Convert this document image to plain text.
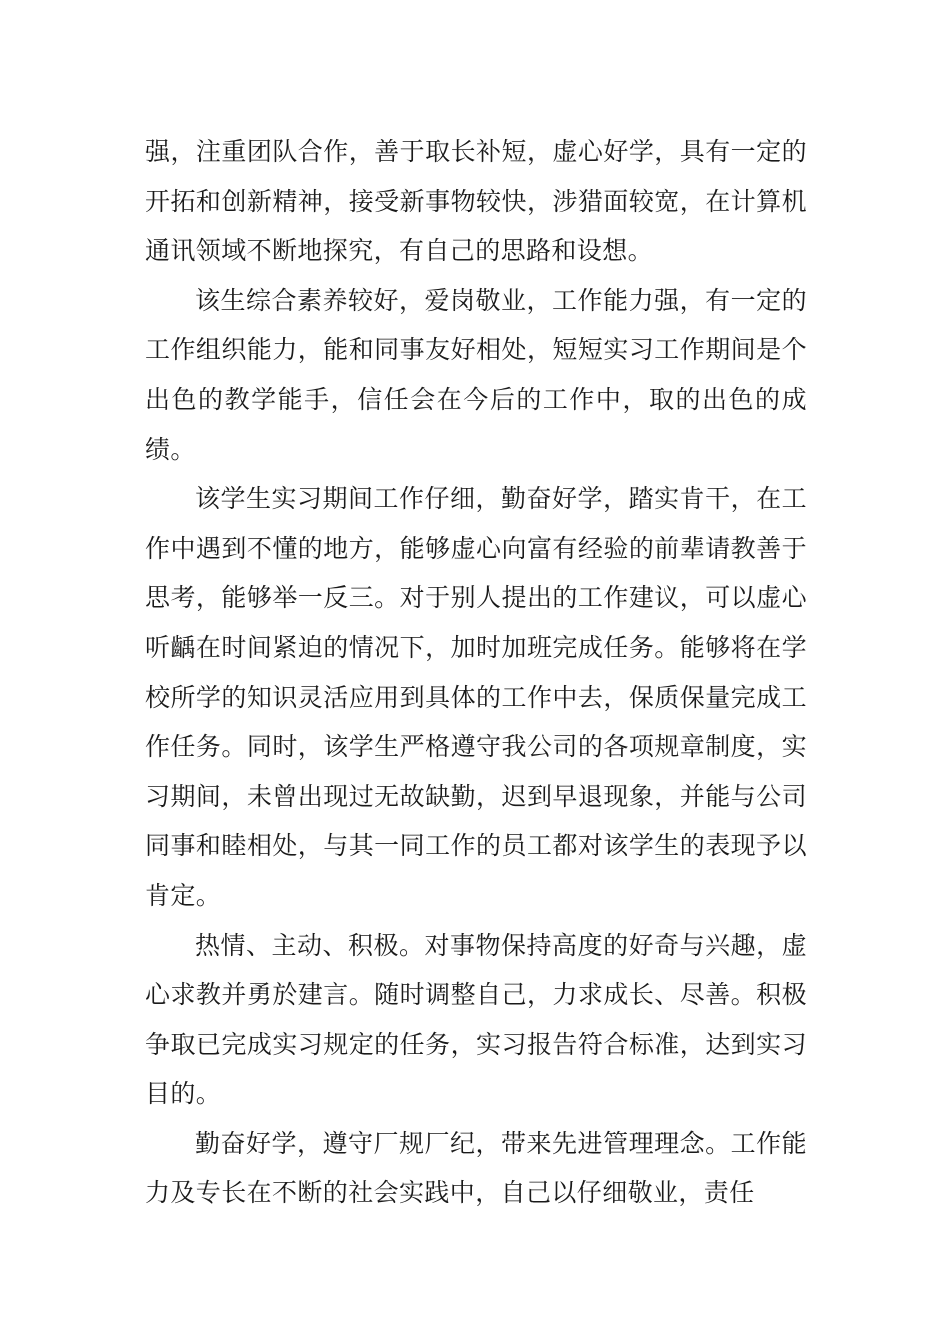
强，注重团队合作，善于取长补短，虚心好学，具有一定的开拓和创新精神，接受新事物较快，涉猎面较宽，在计算机通讯领域不断地探究，有自己的思路和设想。

该生综合素养较好，爱岗敬业，工作能力强，有一定的工作组织能力，能和同事友好相处，短短实习工作期间是个出色的教学能手，信任会在今后的工作中，取的出色的成绩。

该学生实习期间工作仔细，勤奋好学，踏实肯干，在工作中遇到不懂的地方，能够虚心向富有经验的前辈请教善于思考，能够举一反三。对于别人提出的工作建议，可以虚心听齲在时间紧迫的情况下，加时加班完成任务。能够将在学校所学的知识灵活应用到具体的工作中去，保质保量完成工作任务。同时，该学生严格遵守我公司的各项规章制度，实习期间，未曾出现过无故缺勤，迟到早退现象，并能与公司同事和睦相处，与其一同工作的员工都对该学生的表现予以肯定。

热情、主动、积极。对事物保持高度的好奇与兴趣，虚心求教并勇於建言。随时调整自己，力求成长、尽善。积极争取已完成实习规定的任务，实习报告符合标准，达到实习目的。

勤奋好学，遵守厂规厂纪，带来先进管理理念。工作能力及专长在不断的社会实践中，自己以仔细敬业，责任
